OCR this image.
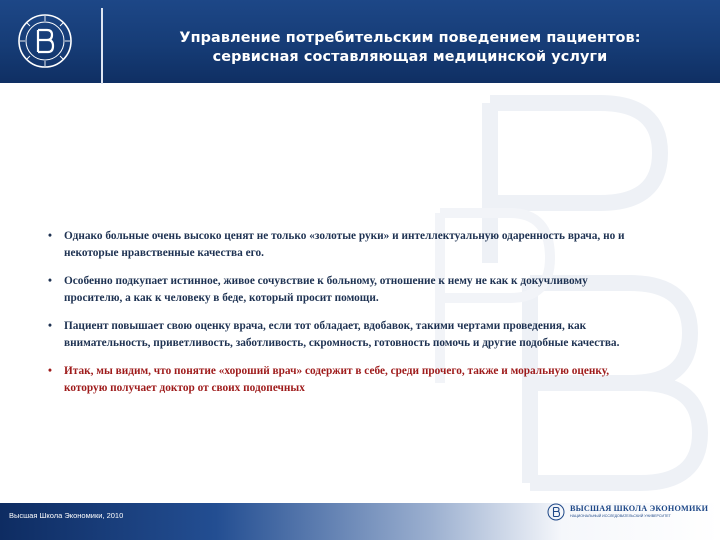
Управление потребительским поведением пациентов:
сервисная составляющая медицинской услуги
• Однако больные очень высоко ценят не только «золотые руки» и интеллектуальную одаренность врача, но и
некоторые нравственные качества его.
• Особенно подкупает истинное, живое сочувствие к больному, отношение к нему не как к докучливому
просителю, а как к человеку в беде, который просит помощи.
• Пациент повышает свою оценку врача, если тот обладает, вдобавок, такими чертами проведения, как
внимательность, приветливость, заботливость, скромность, готовность помочь и другие подобные качества.
• Итак, мы видим, что понятие «хороший врач» содержит в себе, среди прочего, также и моральную оценку,
которую получает доктор от своих подопечных
Высшая Школа Экономики, 2010
ВЫСШАЯ ШКОЛА ЭКОНОМИКИ
НАЦИОНАЛЬНЫЙ ИССЛЕДОВАТЕЛЬСКИЙ УНИВЕРСИТЕТ
